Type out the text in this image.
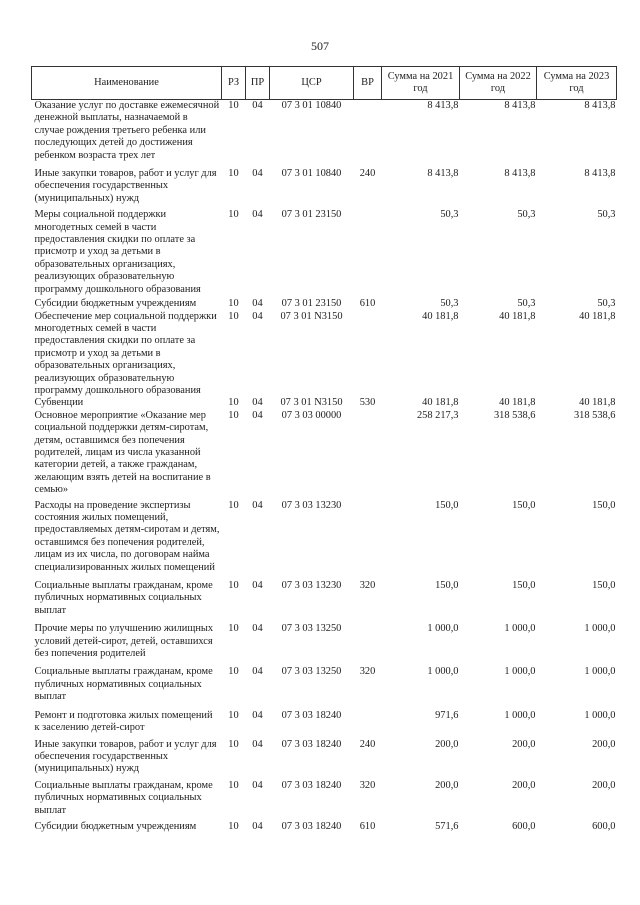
507
Наименование	РЗ	ПР	ЦСР	ВР	Сумма на 2021 год	Сумма на 2022 год	Сумма на 2023 год
Оказание услуг по доставке ежемесячной денежной выплаты, назначаемой в случае рождения третьего ребенка или последующих детей до достижения ребенком возраста трех лет	10	04	07 3 01 10840		8 413,8	8 413,8	8 413,8
Иные закупки товаров, работ и услуг для обеспечения государственных (муниципальных) нужд	10	04	07 3 01 10840	240	8 413,8	8 413,8	8 413,8
Меры социальной поддержки многодетных семей в части предоставления скидки по оплате за присмотр и уход за детьми в образовательных организациях, реализующих образовательную программу дошкольного образования	10	04	07 3 01 23150		50,3	50,3	50,3
Субсидии бюджетным учреждениям	10	04	07 3 01 23150	610	50,3	50,3	50,3
Обеспечение мер социальной поддержки многодетных семей в части предоставления скидки по оплате за присмотр и уход за детьми в образовательных организациях, реализующих образовательную программу дошкольного образования	10	04	07 3 01 N3150		40 181,8	40 181,8	40 181,8
Субвенции	10	04	07 3 01 N3150	530	40 181,8	40 181,8	40 181,8
Основное мероприятие «Оказание мер социальной поддержки детям-сиротам, детям, оставшимся без попечения родителей, лицам из числа указанной категории детей, а также гражданам, желающим взять детей на воспитание в семью»	10	04	07 3 03 00000		258 217,3	318 538,6	318 538,6
Расходы на проведение экспертизы состояния жилых помещений, предоставляемых детям-сиротам и детям, оставшимся без попечения родителей, лицам из их числа, по договорам найма специализированных жилых помещений	10	04	07 3 03 13230		150,0	150,0	150,0
Социальные выплаты гражданам, кроме публичных нормативных социальных выплат	10	04	07 3 03 13230	320	150,0	150,0	150,0
Прочие меры по улучшению жилищных условий детей-сирот, детей, оставшихся без попечения родителей	10	04	07 3 03 13250		1 000,0	1 000,0	1 000,0
Социальные выплаты гражданам, кроме публичных нормативных социальных выплат	10	04	07 3 03 13250	320	1 000,0	1 000,0	1 000,0
Ремонт и подготовка жилых помещений к заселению детей-сирот	10	04	07 3 03 18240		971,6	1 000,0	1 000,0
Иные закупки товаров, работ и услуг для обеспечения государственных (муниципальных) нужд	10	04	07 3 03 18240	240	200,0	200,0	200,0
Социальные выплаты гражданам, кроме публичных нормативных социальных выплат	10	04	07 3 03 18240	320	200,0	200,0	200,0
Субсидии бюджетным учреждениям	10	04	07 3 03 18240	610	571,6	600,0	600,0
